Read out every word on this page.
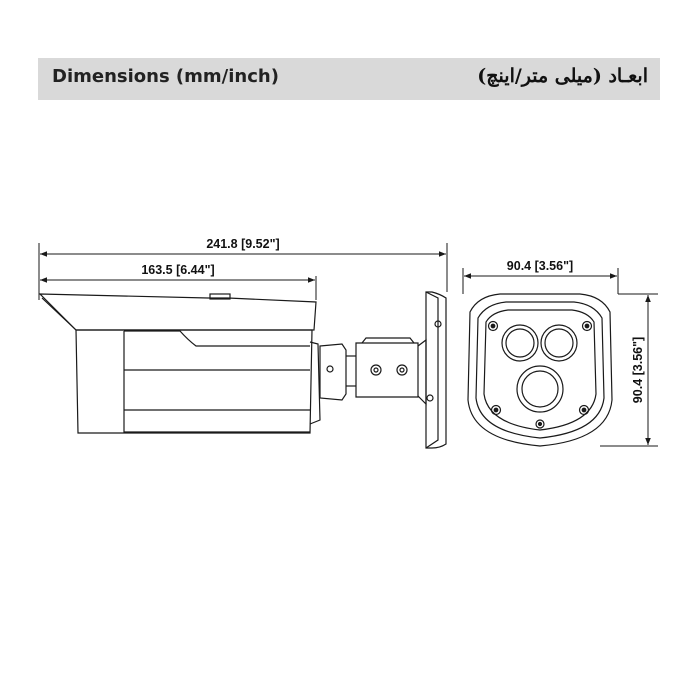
Dimensions (mm/inch)	ابعـاد (میلی متر/اینچ)
241.8 [9.52"]
163.5 [6.44"]
.
90.4 [3.56"]
90.4 [3.56"]
